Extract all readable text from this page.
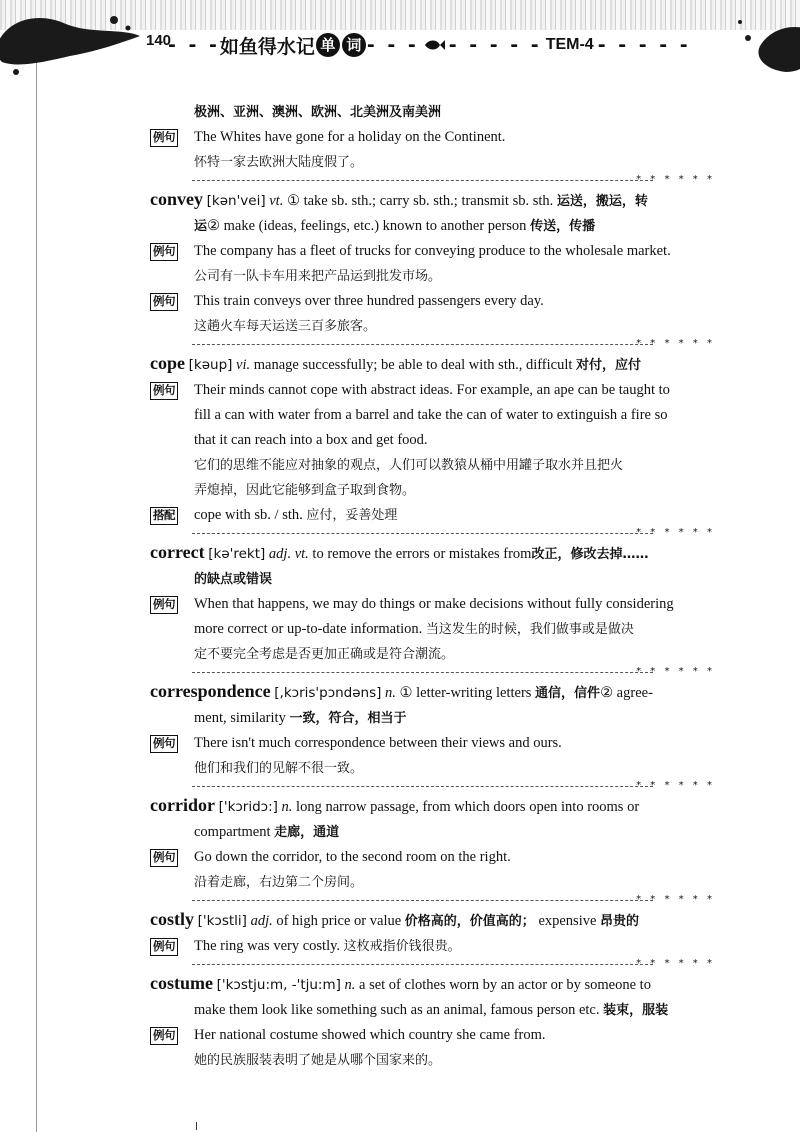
140
- - - 如鱼得水记 单 词 - - - - - - - - TEM-4 - - - - -
极洲、亚洲、澳洲、欧洲、北美洲及南美洲
例句 The Whites have gone for a holiday on the Continent.
怀特一家去欧洲大陆度假了。
* * * * * *
convey [kən'vei] vt. ① take sb. sth.; carry sb. sth.; transmit sb. sth. 运送，搬运，转
运② make (ideas, feelings, etc.) known to another person 传送，传播
例句 The company has a fleet of trucks for conveying produce to the wholesale market.
公司有一队卡车用来把产品运到批发市场。
例句 This train conveys over three hundred passengers every day.
这趟火车每天运送三百多旅客。
* * * * * *
cope [kəup] vi. manage successfully; be able to deal with sth., difficult 对付，应付
例句 Their minds cannot cope with abstract ideas. For example, an ape can be taught to
fill a can with water from a barrel and take the can of water to extinguish a fire so
that it can reach into a box and get food.
它们的思维不能应对抽象的观点，人们可以教猿从桶中用罐子取水并且把火
弄熄掉，因此它能够到盒子取到食物。
搭配 cope with sb. / sth. 应付，妥善处理
* * * * * *
correct [kə'rekt] adj. vt. to remove the errors or mistakes from改正，修改去掉……
的缺点或错误
例句 When that happens, we may do things or make decisions without fully considering
more correct or up-to-date information. 当这发生的时候，我们做事或是做决
定不要完全考虑是否更加正确或是符合潮流。
* * * * * *
correspondence [,kɔris'pɔndəns] n. ① letter-writing letters 通信，信件② agree-
ment, similarity 一致，符合，相当于
例句 There isn't much correspondence between their views and ours.
他们和我们的见解不很一致。
* * * * * *
corridor ['kɔridɔ:] n. long narrow passage, from which doors open into rooms or
compartment 走廊，通道
例句 Go down the corridor, to the second room on the right.
沿着走廊，右边第二个房间。
* * * * * *
costly ['kɔstli] adj. of high price or value 价格高的，价值高的； expensive 昂贵的
例句 The ring was very costly. 这枚戒指价钱很贵。
* * * * * *
costume ['kɔstju:m, -'tju:m] n. a set of clothes worn by an actor or by someone to
make them look like something such as an animal, famous person etc. 装束，服装
例句 Her national costume showed which country she came from.
她的民族服装表明了她是从哪个国家来的。
